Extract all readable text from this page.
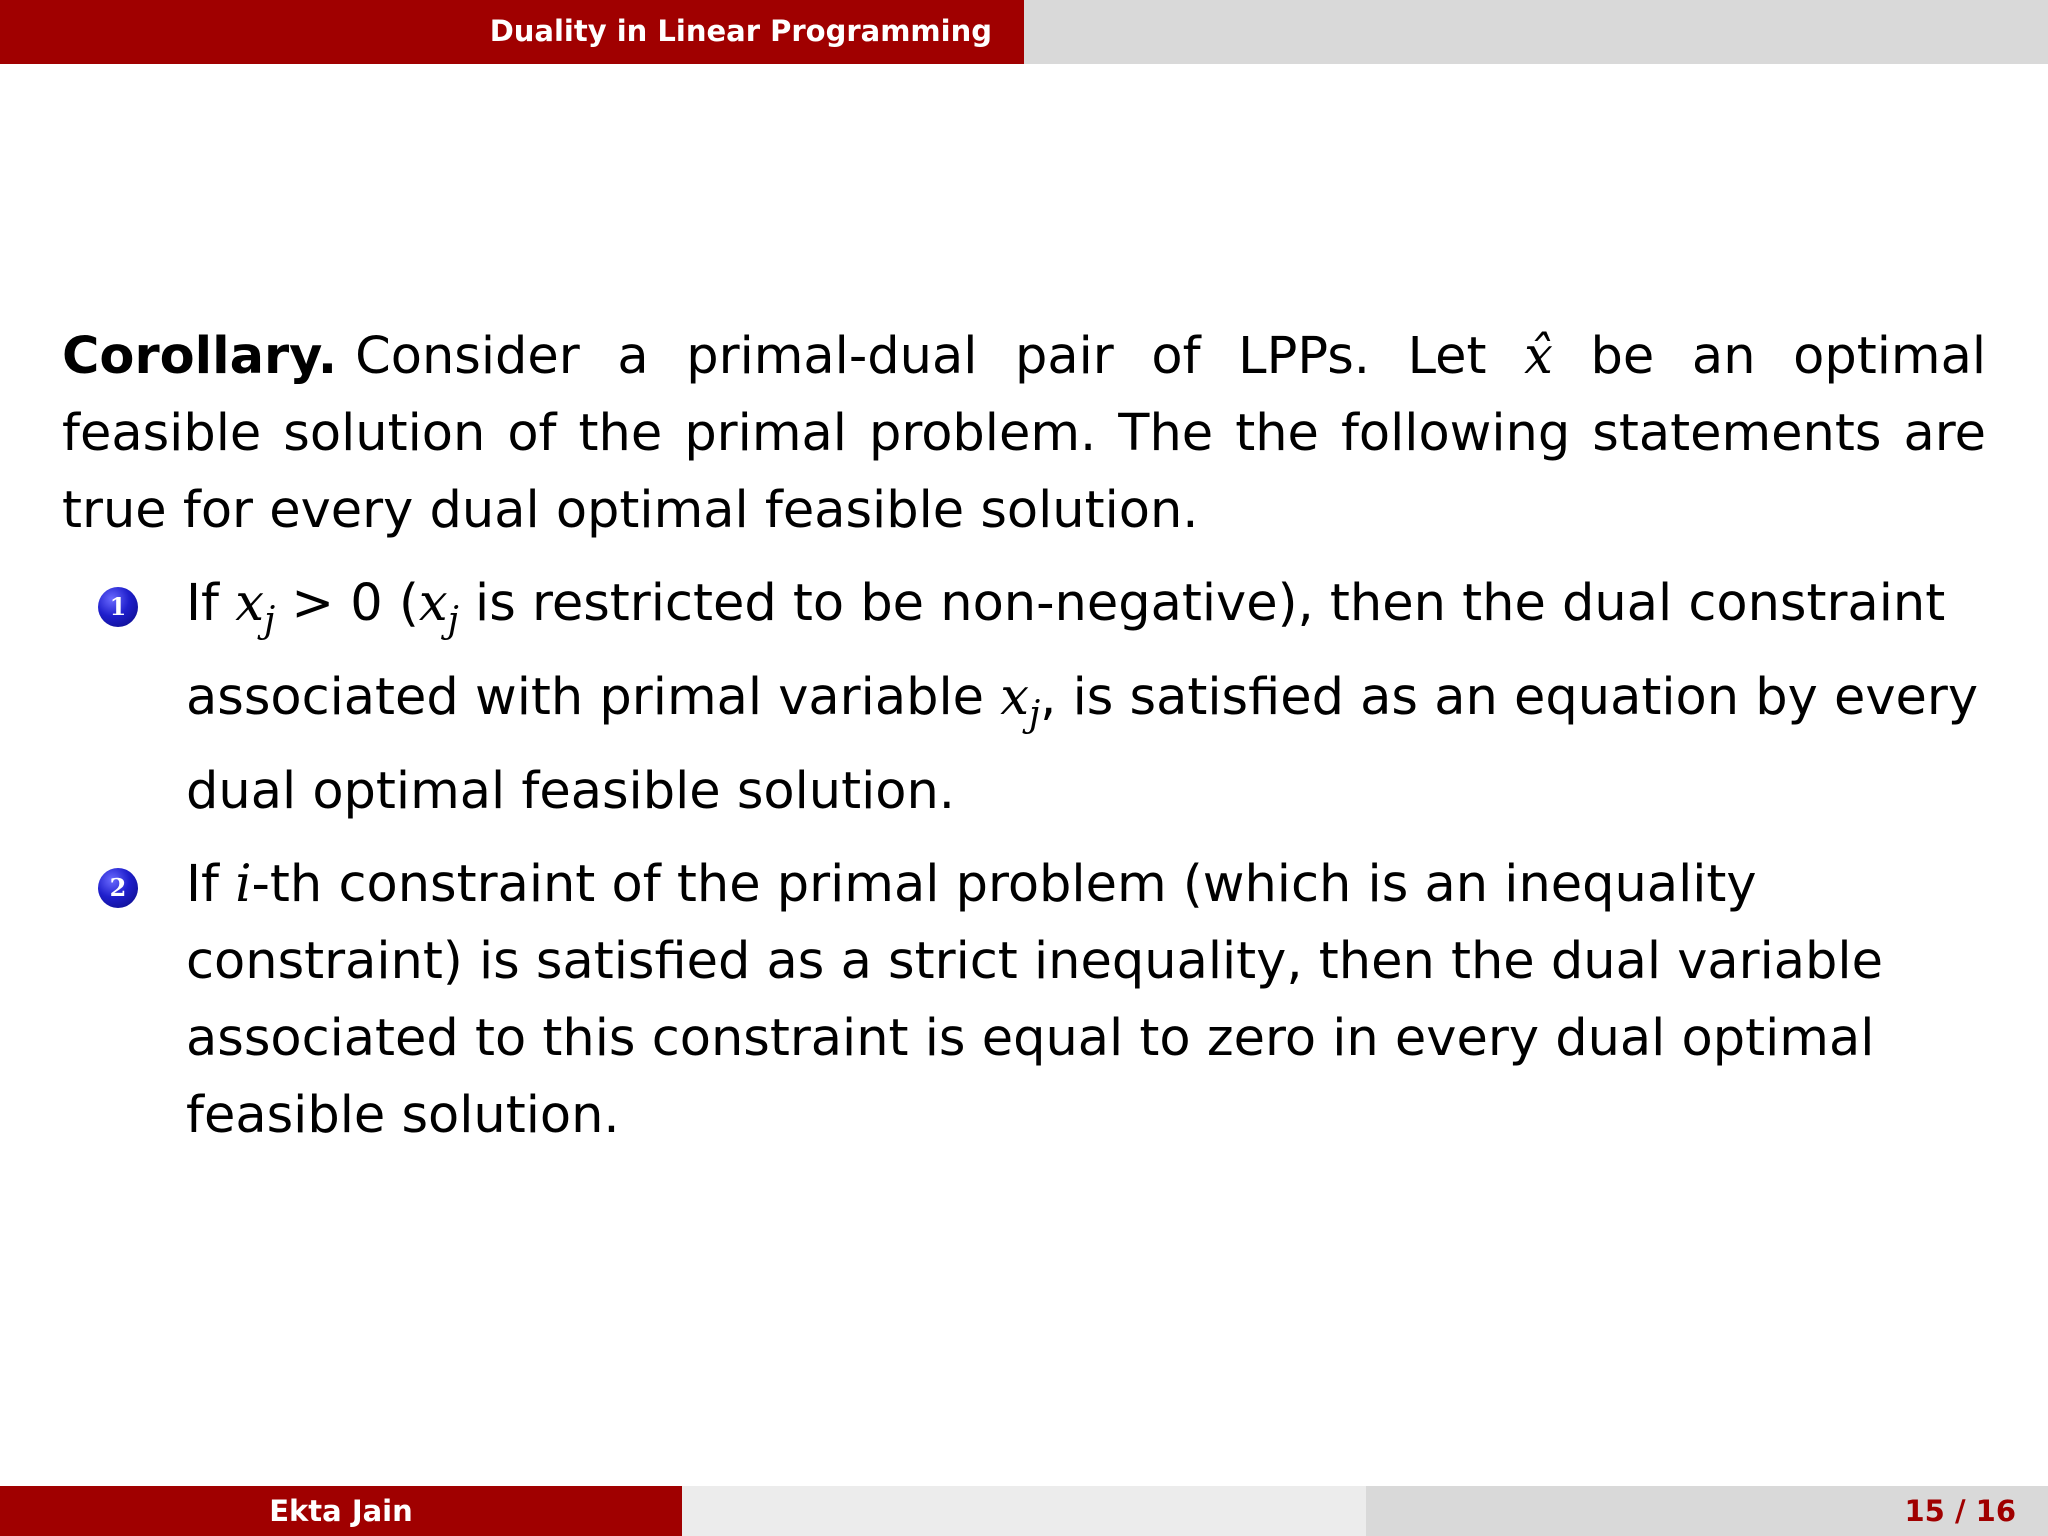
Duality in Linear Programming

Corollary. Consider a primal-dual pair of LPPs. Let x̂ be an optimal feasible solution of the primal problem. The the following statements are true for every dual optimal feasible solution.

1 If $x_j > 0$ ($x_j$ is restricted to be non-negative), then the dual constraint associated with primal variable $x_j$, is satisfied as an equation by every dual optimal feasible solution.
2 If i-th constraint of the primal problem (which is an inequality constraint) is satisfied as a strict inequality, then the dual variable associated to this constraint is equal to zero in every dual optimal feasible solution.
Ekta Jain	15 / 16
